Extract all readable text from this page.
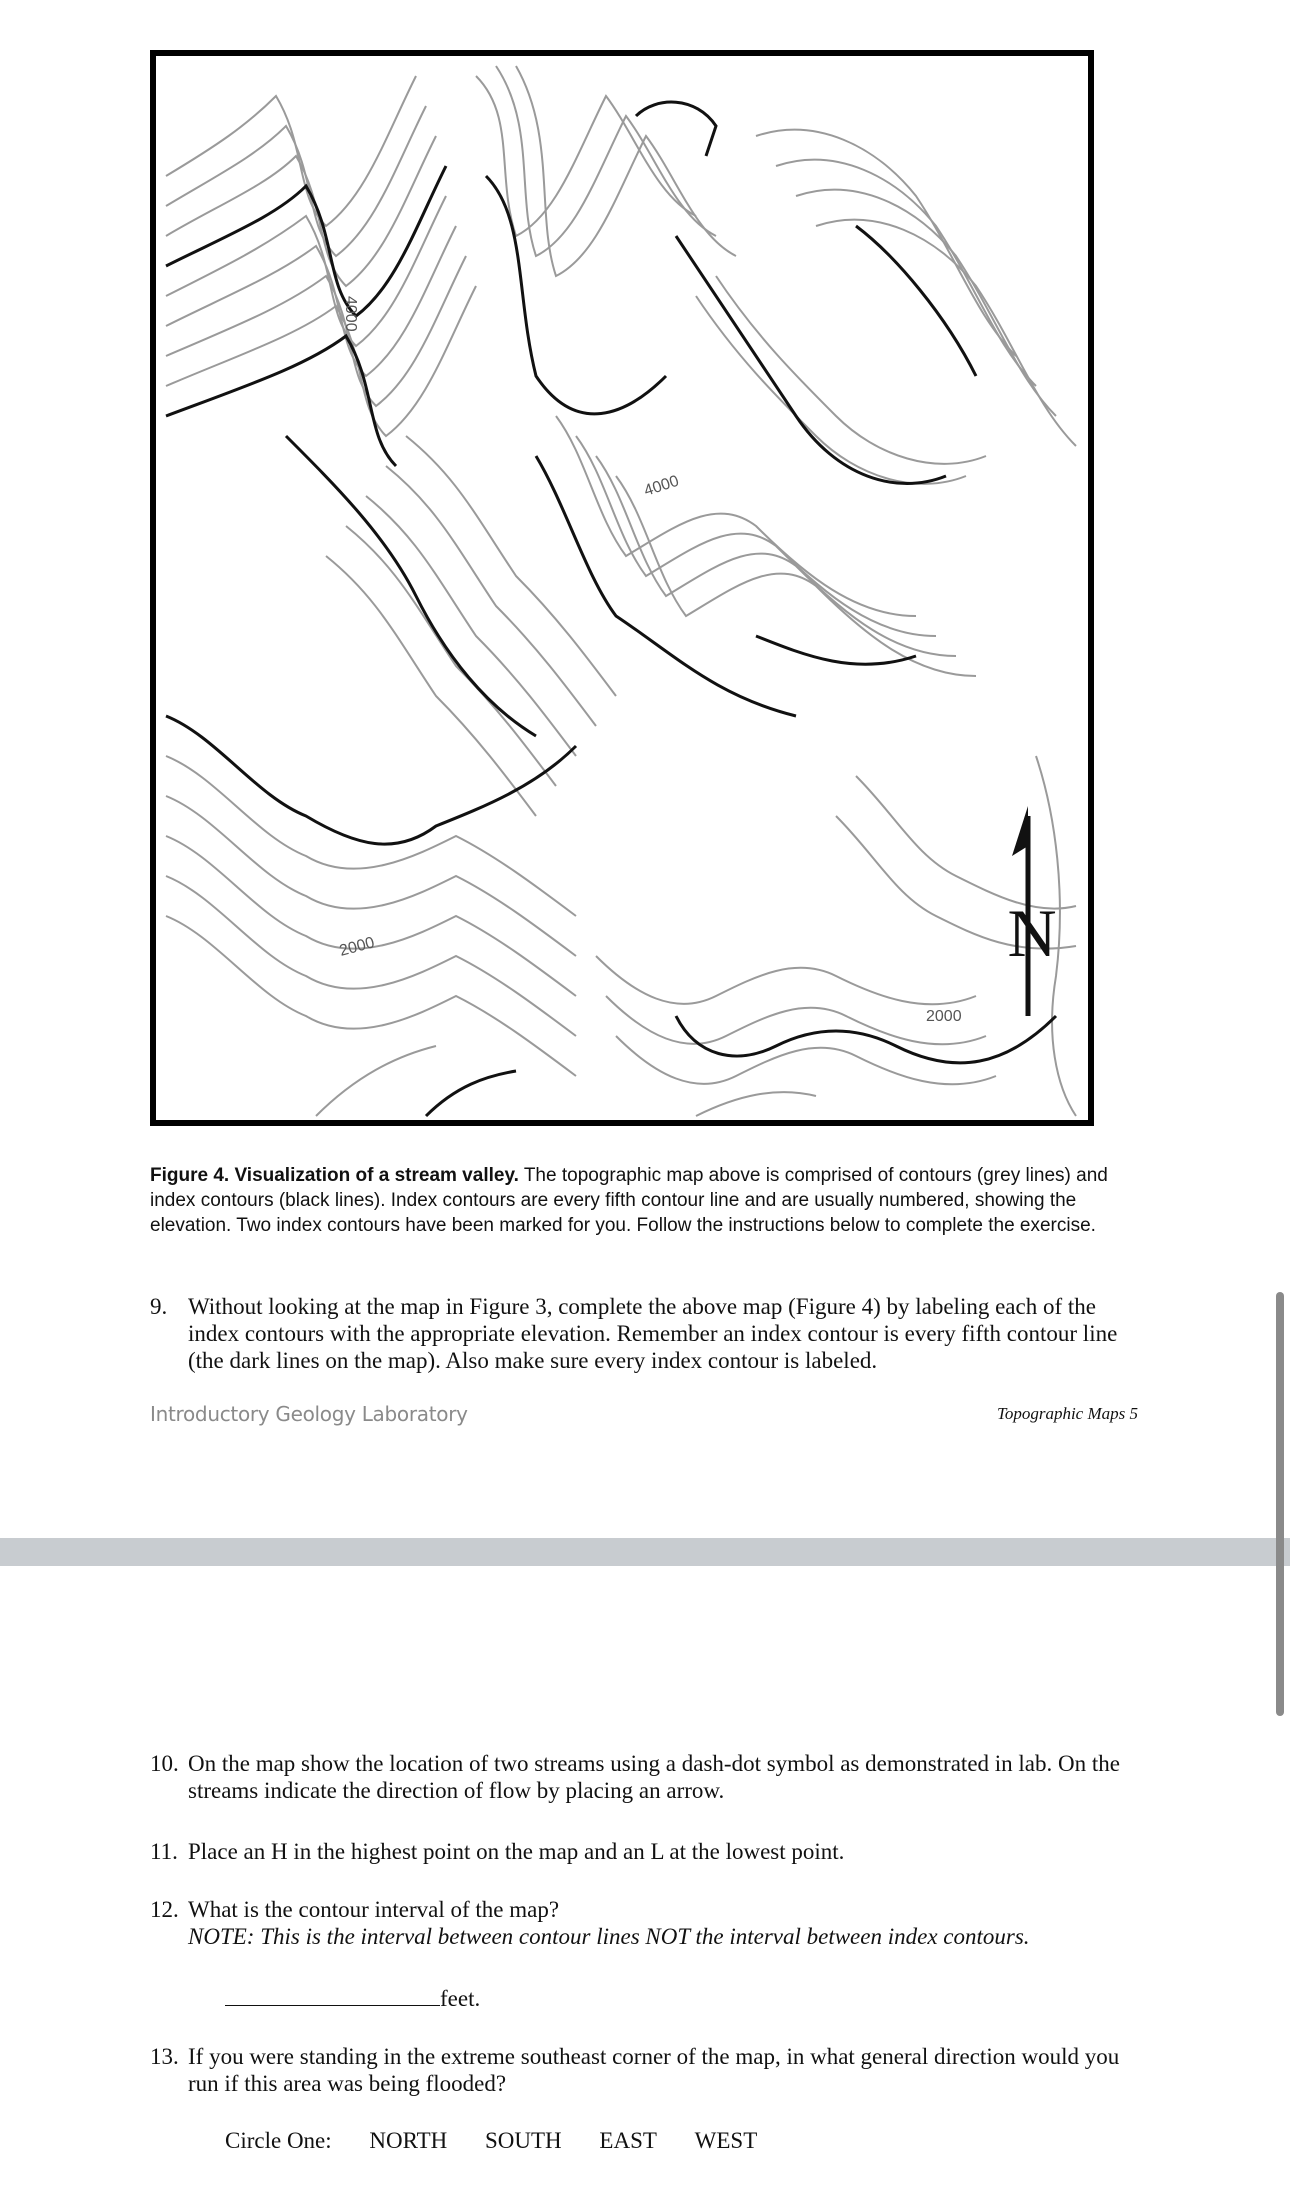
N
4000
4000
2000
2000
Figure 4. Visualization of a stream valley. The topographic map above is comprised of contours (grey lines) and index contours (black lines). Index contours are every fifth contour line and are usually numbered, showing the elevation. Two index contours have been marked for you. Follow the instructions below to complete the exercise.
9. Without looking at the map in Figure 3, complete the above map (Figure 4) by labeling each of the index contours with the appropriate elevation. Remember an index contour is every fifth contour line (the dark lines on the map). Also make sure every index contour is labeled.
Introductory Geology Laboratory	Topographic Maps 5
10. On the map show the location of two streams using a dash-dot symbol as demonstrated in lab. On the streams indicate the direction of flow by placing an arrow.
11. Place an H in the highest point on the map and an L at the lowest point.
12. What is the contour interval of the map?
NOTE: This is the interval between contour lines NOT the interval between index contours.
feet.
13. If you were standing in the extreme southeast corner of the map, in what general direction would you run if this area was being flooded?
Circle One: NORTH SOUTH EAST WEST
